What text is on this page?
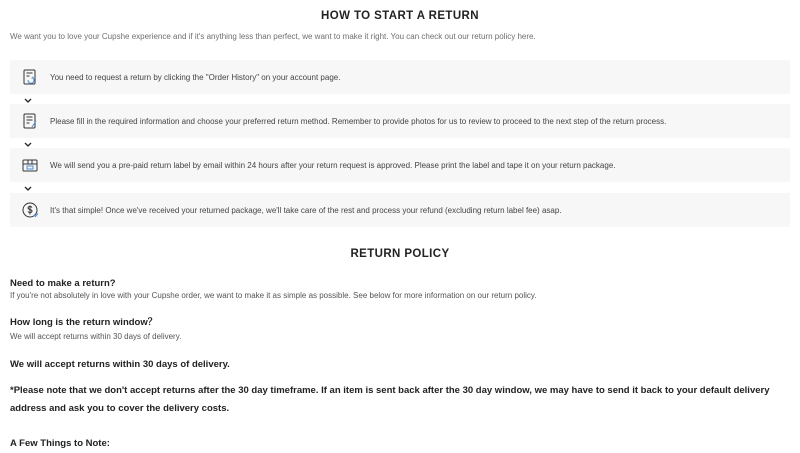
HOW TO START A RETURN
We want you to love your Cupshe experience and if it's anything less than perfect, we want to make it right. You can check out our return policy here.
You need to request a return by clicking the "Order History" on your account page.
Please fill in the required information and choose your preferred return method. Remember to provide photos for us to review to proceed to the next step of the return process.
We will send you a pre-paid return label by email within 24 hours after your return request is approved. Please print the label and tape it on your return package.
It's that simple! Once we've received your returned package, we'll take care of the rest and process your refund (excluding return label fee) asap.
RETURN POLICY
Need to make a return?
If you're not absolutely in love with your Cupshe order, we want to make it as simple as possible. See below for more information on our return policy.
How long is the return window？
We will accept returns within 30 days of delivery.
We will accept returns within 30 days of delivery.
*Please note that we don't accept returns after the 30 day timeframe. If an item is sent back after the 30 day window, we may have to send it back to your default delivery address and ask you to cover the delivery costs.
A Few Things to Note:
